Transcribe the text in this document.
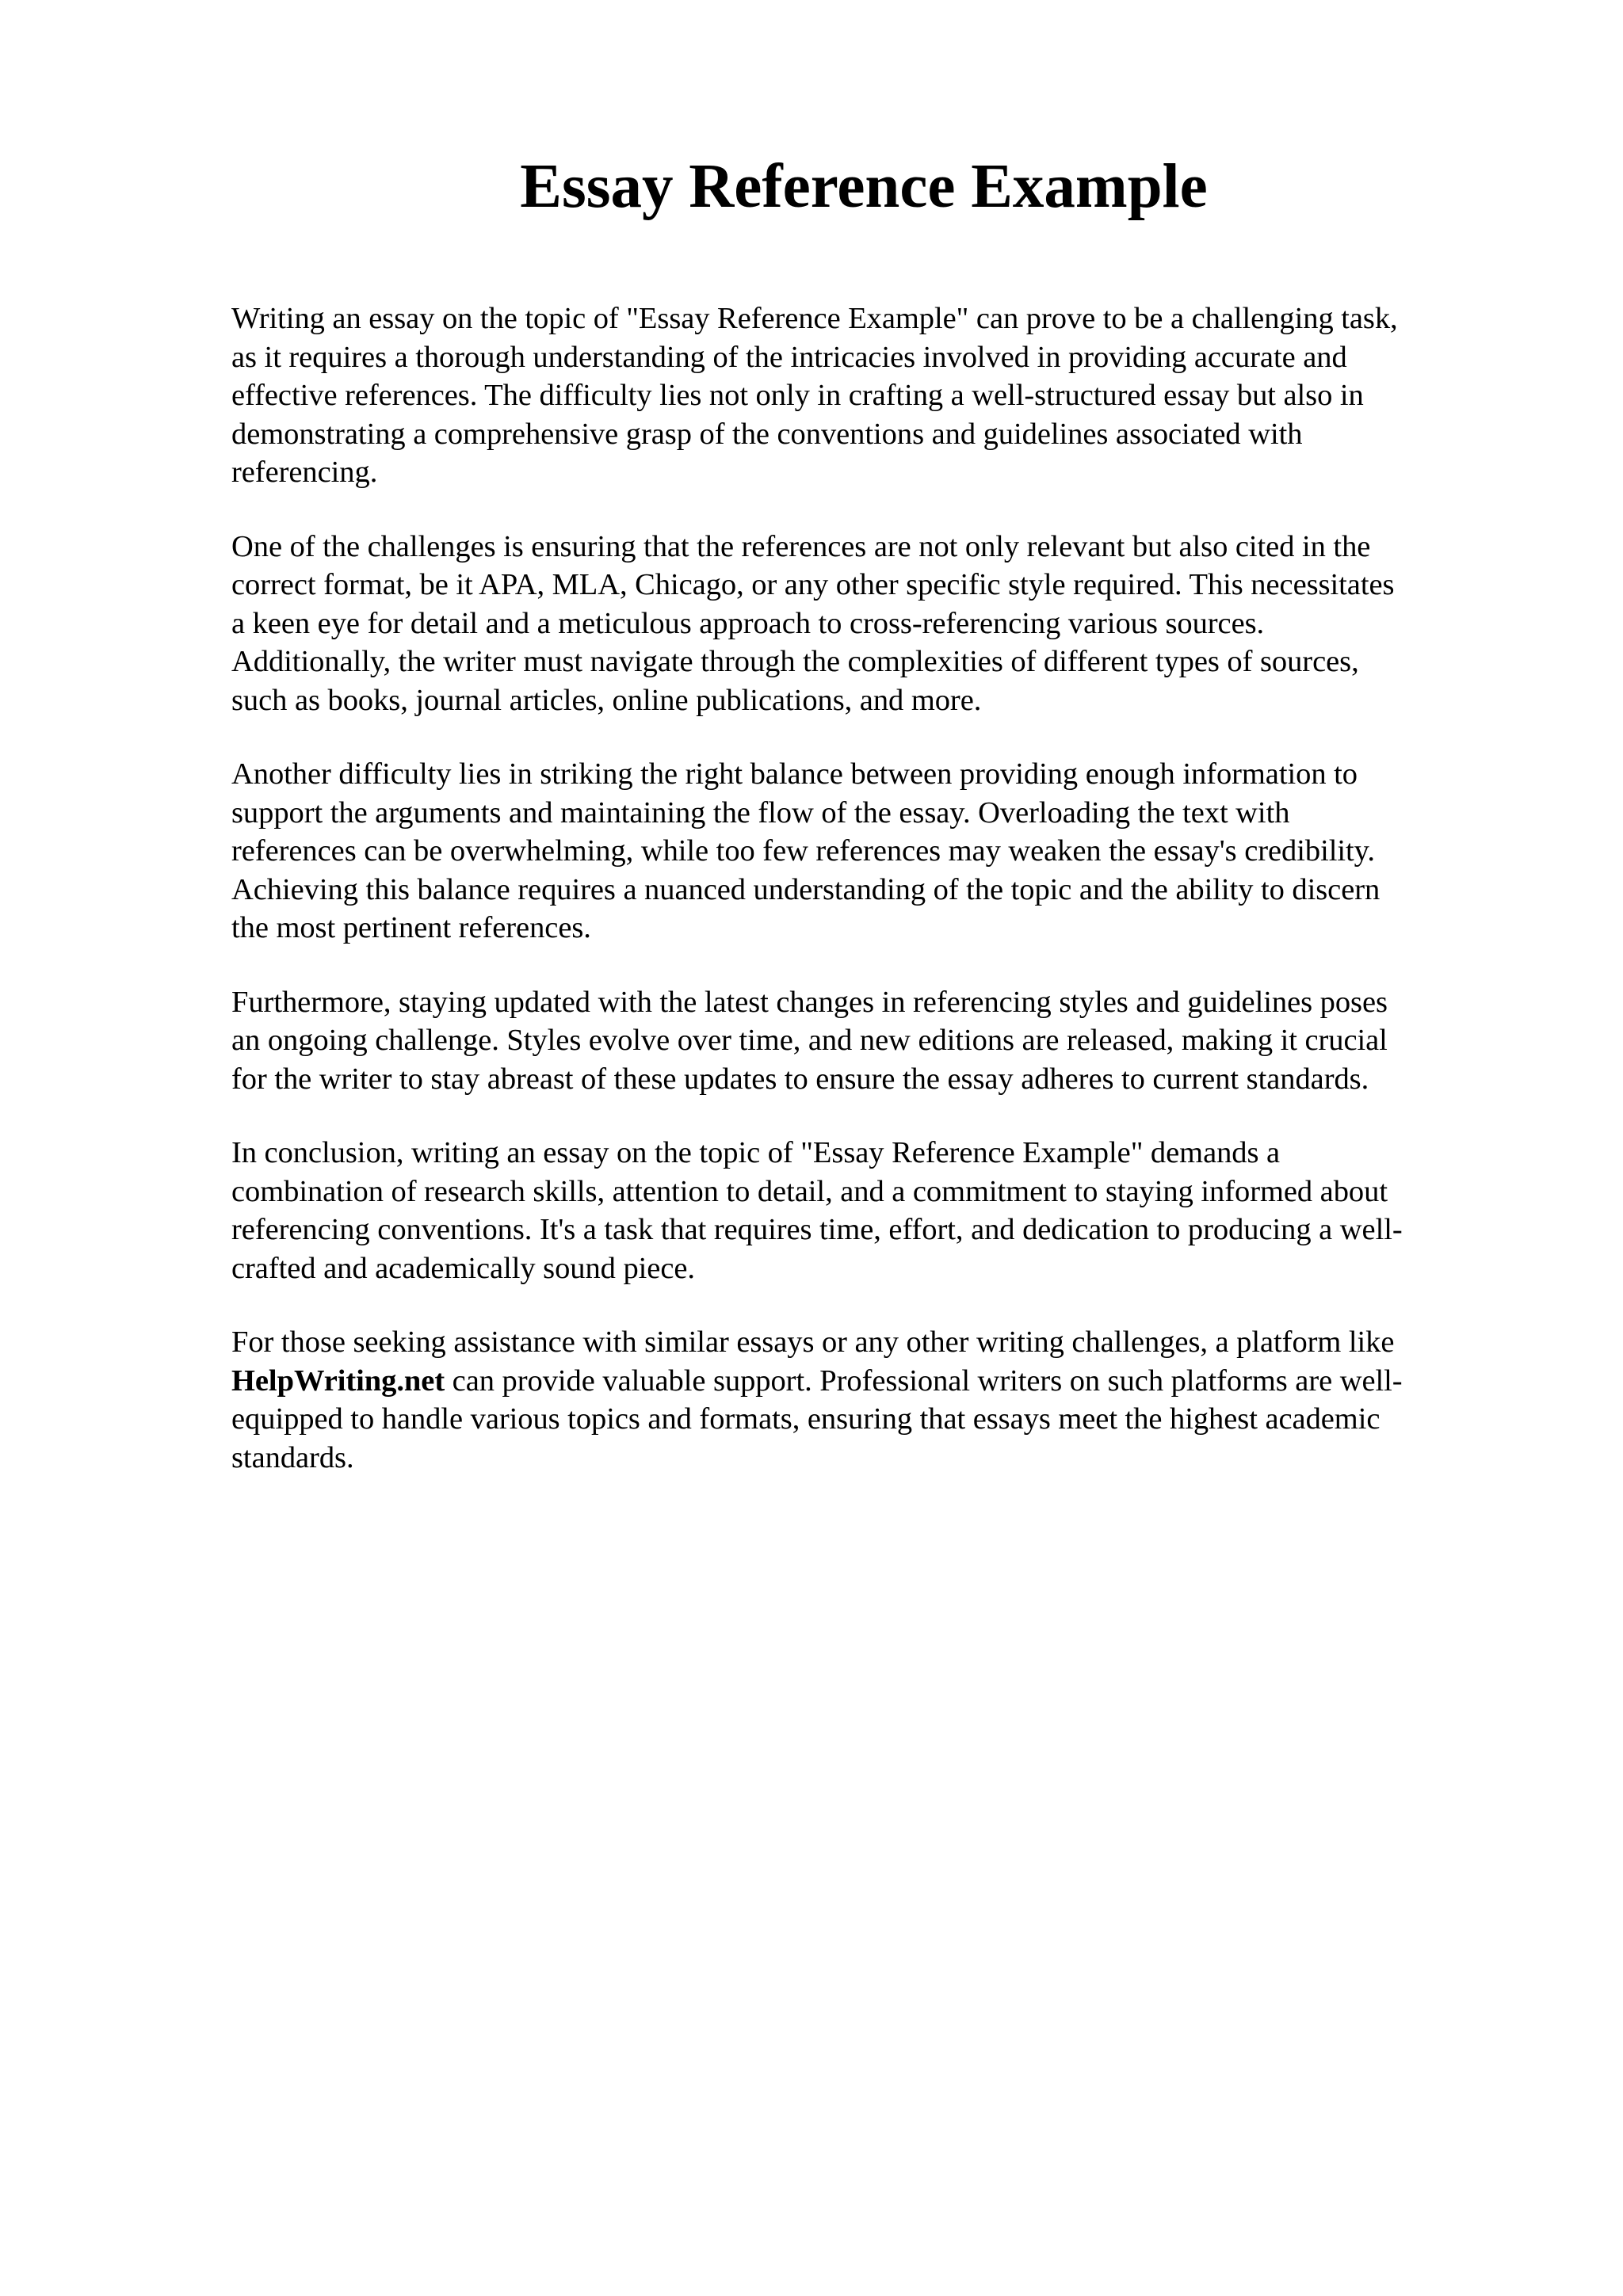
Essay Reference Example

Writing an essay on the topic of "Essay Reference Example" can prove to be a challenging task,
as it requires a thorough understanding of the intricacies involved in providing accurate and
effective references. The difficulty lies not only in crafting a well-structured essay but also in
demonstrating a comprehensive grasp of the conventions and guidelines associated with
referencing.

One of the challenges is ensuring that the references are not only relevant but also cited in the
correct format, be it APA, MLA, Chicago, or any other specific style required. This necessitates
a keen eye for detail and a meticulous approach to cross-referencing various sources.
Additionally, the writer must navigate through the complexities of different types of sources,
such as books, journal articles, online publications, and more.

Another difficulty lies in striking the right balance between providing enough information to
support the arguments and maintaining the flow of the essay. Overloading the text with
references can be overwhelming, while too few references may weaken the essay's credibility.
Achieving this balance requires a nuanced understanding of the topic and the ability to discern
the most pertinent references.

Furthermore, staying updated with the latest changes in referencing styles and guidelines poses
an ongoing challenge. Styles evolve over time, and new editions are released, making it crucial
for the writer to stay abreast of these updates to ensure the essay adheres to current standards.

In conclusion, writing an essay on the topic of "Essay Reference Example" demands a
combination of research skills, attention to detail, and a commitment to staying informed about
referencing conventions. It's a task that requires time, effort, and dedication to producing a well-
crafted and academically sound piece.

For those seeking assistance with similar essays or any other writing challenges, a platform like
HelpWriting.net can provide valuable support. Professional writers on such platforms are well-
equipped to handle various topics and formats, ensuring that essays meet the highest academic
standards.
